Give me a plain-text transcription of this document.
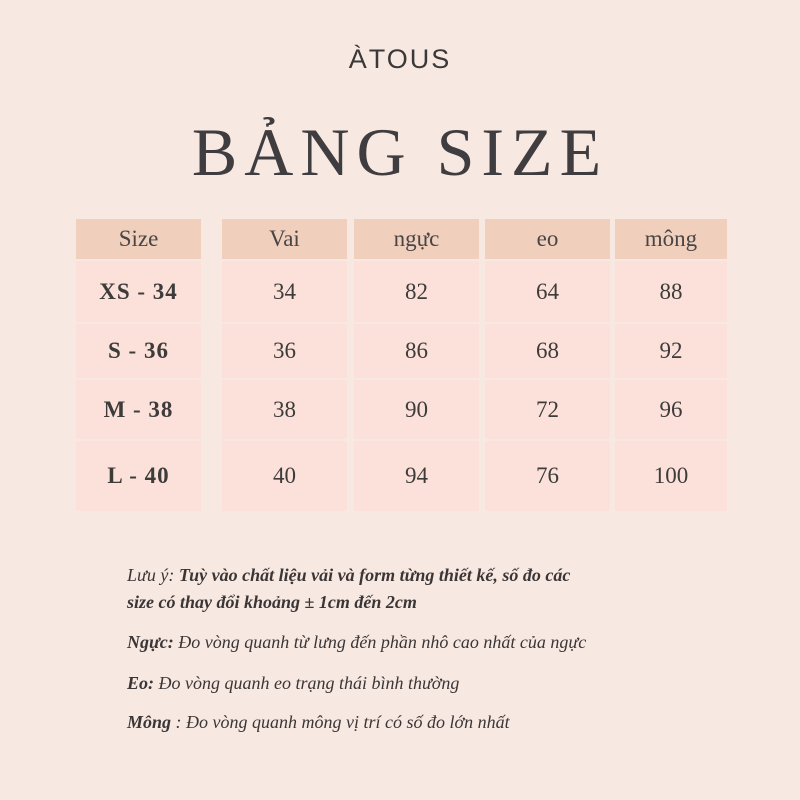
ÀTOUS
BẢNG SIZE
Size
XS - 34
S - 36
M - 38
L - 40
Vai
34
36
38
40
ngực
82
86
90
94
eo
64
68
72
76
mông
88
92
96
100
Lưu ý: Tuỳ vào chất liệu vải và form từng thiết kế, số đo các
size có thay đổi khoảng ± 1cm đến 2cm
Ngực: Đo vòng quanh từ lưng đến phần nhô cao nhất của ngực
Eo: Đo vòng quanh eo trạng thái bình thường
Mông : Đo vòng quanh mông vị trí có số đo lớn nhất
